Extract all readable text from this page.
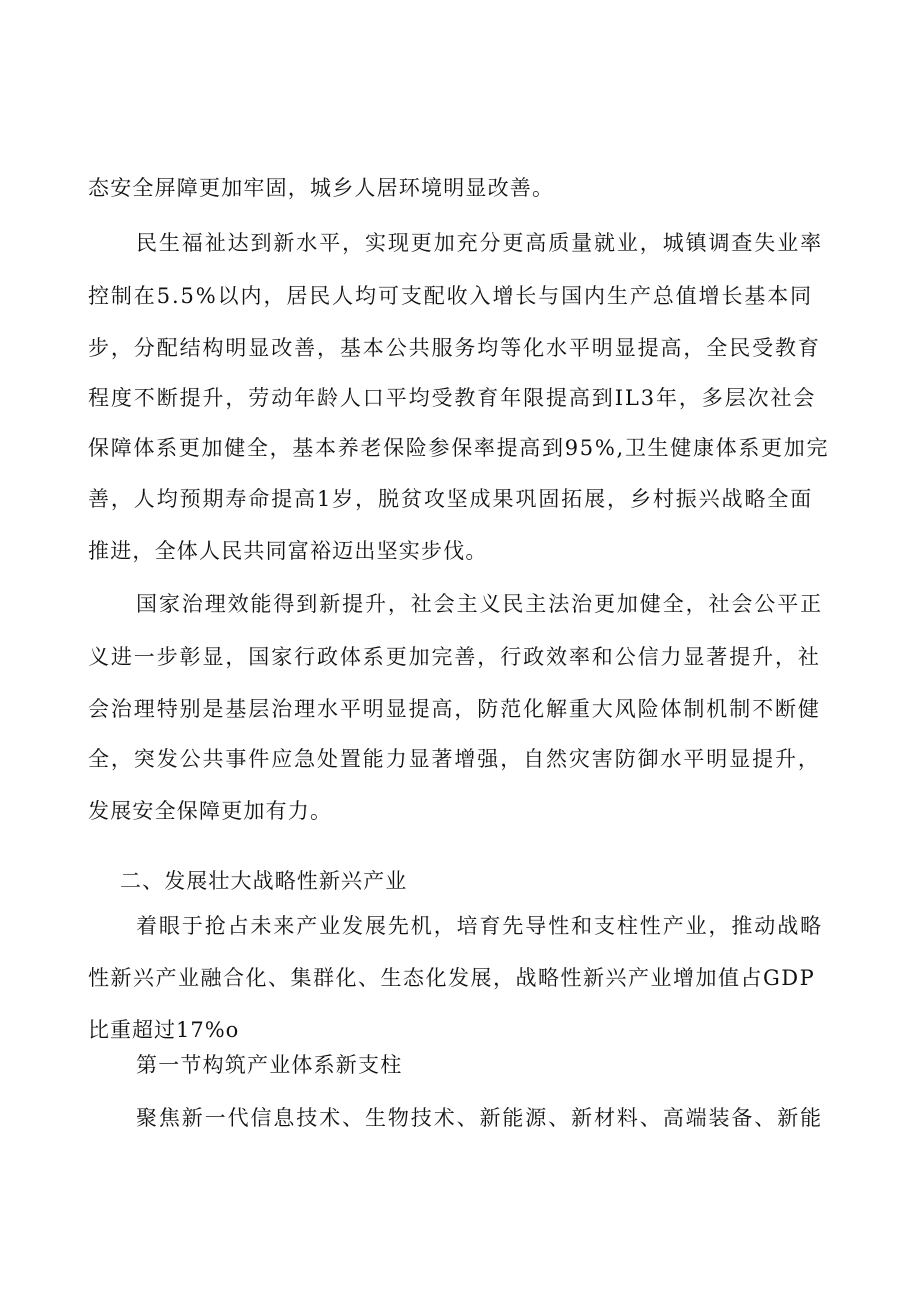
态安全屏障更加牢固，城乡人居环境明显改善。
民生福祉达到新水平，实现更加充分更高质量就业，城镇调查失业率
控制在5.5%以内，居民人均可支配收入增长与国内生产总值增长基本同
步，分配结构明显改善，基本公共服务均等化水平明显提高，全民受教育
程度不断提升，劳动年龄人口平均受教育年限提高到IL3年，多层次社会
保障体系更加健全，基本养老保险参保率提高到95%,卫生健康体系更加完
善，人均预期寿命提高1岁，脱贫攻坚成果巩固拓展，乡村振兴战略全面
推进，全体人民共同富裕迈出坚实步伐。
国家治理效能得到新提升，社会主义民主法治更加健全，社会公平正
义进一步彰显，国家行政体系更加完善，行政效率和公信力显著提升，社
会治理特别是基层治理水平明显提高，防范化解重大风险体制机制不断健
全，突发公共事件应急处置能力显著增强，自然灾害防御水平明显提升，
发展安全保障更加有力。
二、发展壮大战略性新兴产业
着眼于抢占未来产业发展先机，培育先导性和支柱性产业，推动战略
性新兴产业融合化、集群化、生态化发展，战略性新兴产业增加值占GDP
比重超过17%o
第一节构筑产业体系新支柱
聚焦新一代信息技术、生物技术、新能源、新材料、高端装备、新能
